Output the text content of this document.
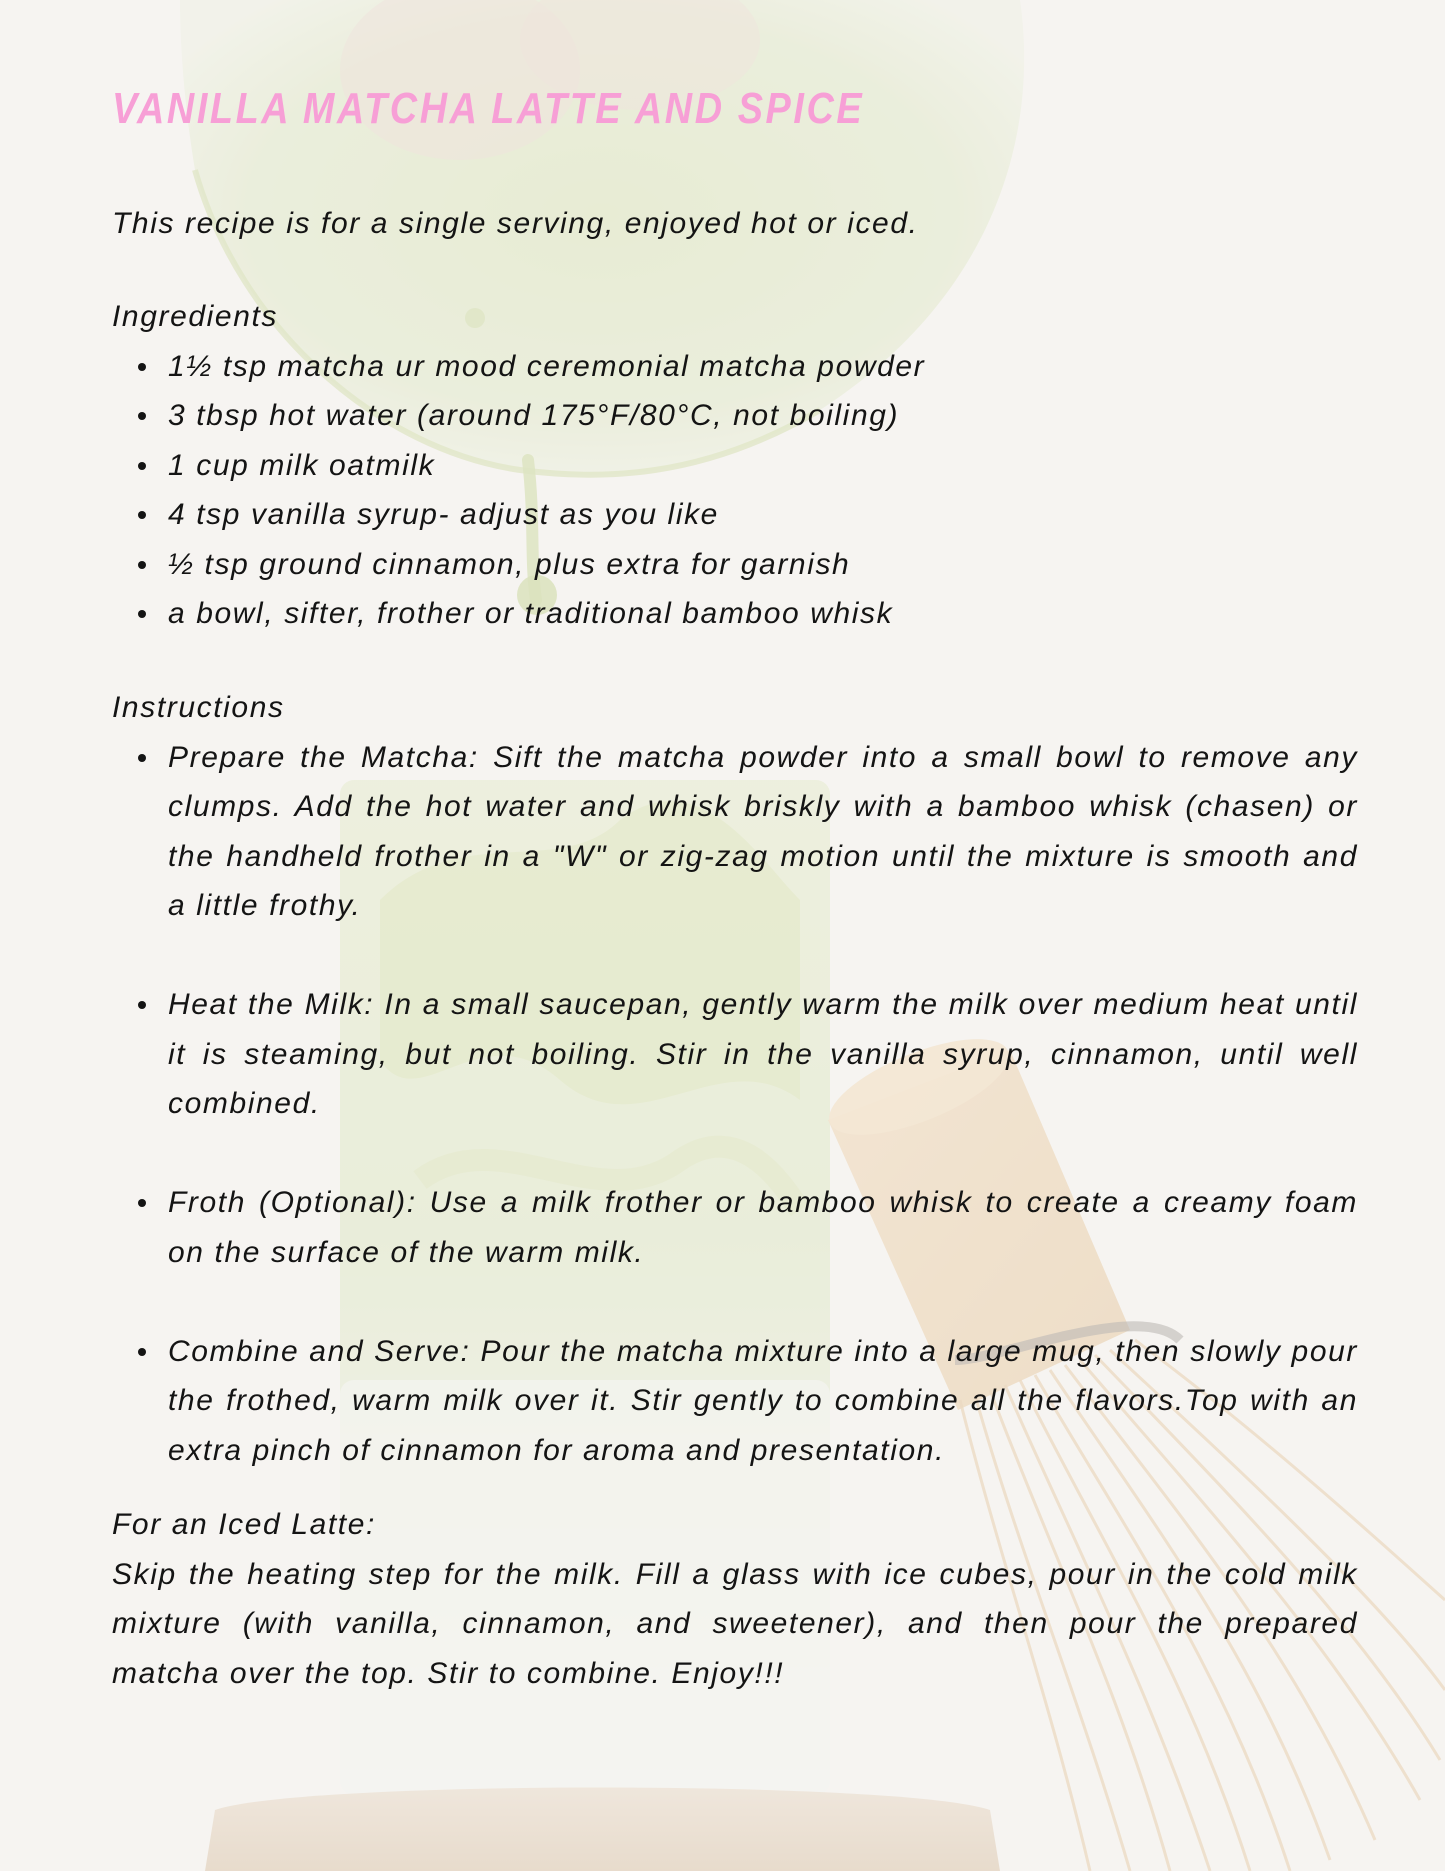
VANILLA MATCHA LATTE AND SPICE

This recipe is for a single serving, enjoyed hot or iced.

Ingredients

1½ tsp matcha ur mood ceremonial matcha powder
3 tbsp hot water (around 175°F/80°C, not boiling)
1 cup milk oatmilk
4 tsp vanilla syrup- adjust as you like
½ tsp ground cinnamon, plus extra for garnish
a bowl, sifter, frother or traditional bamboo whisk

Instructions

Prepare the Matcha: Sift the matcha powder into a small bowl to remove any clumps. Add the hot water and whisk briskly with a bamboo whisk (chasen) or the handheld frother in a "W" or zig-zag motion until the mixture is smooth and a little frothy.
Heat the Milk: In a small saucepan, gently warm the milk over medium heat until it is steaming, but not boiling. Stir in the vanilla syrup, cinnamon, until well combined.
Froth (Optional): Use a milk frother or bamboo whisk to create a creamy foam on the surface of the warm milk.
Combine and Serve: Pour the matcha mixture into a large mug, then slowly pour the frothed, warm milk over it. Stir gently to combine all the flavors.Top with an extra pinch of cinnamon for aroma and presentation.

For an Iced Latte:

Skip the heating step for the milk. Fill a glass with ice cubes, pour in the cold milk mixture (with vanilla, cinnamon, and sweetener), and then pour the prepared matcha over the top. Stir to combine. Enjoy!!!
